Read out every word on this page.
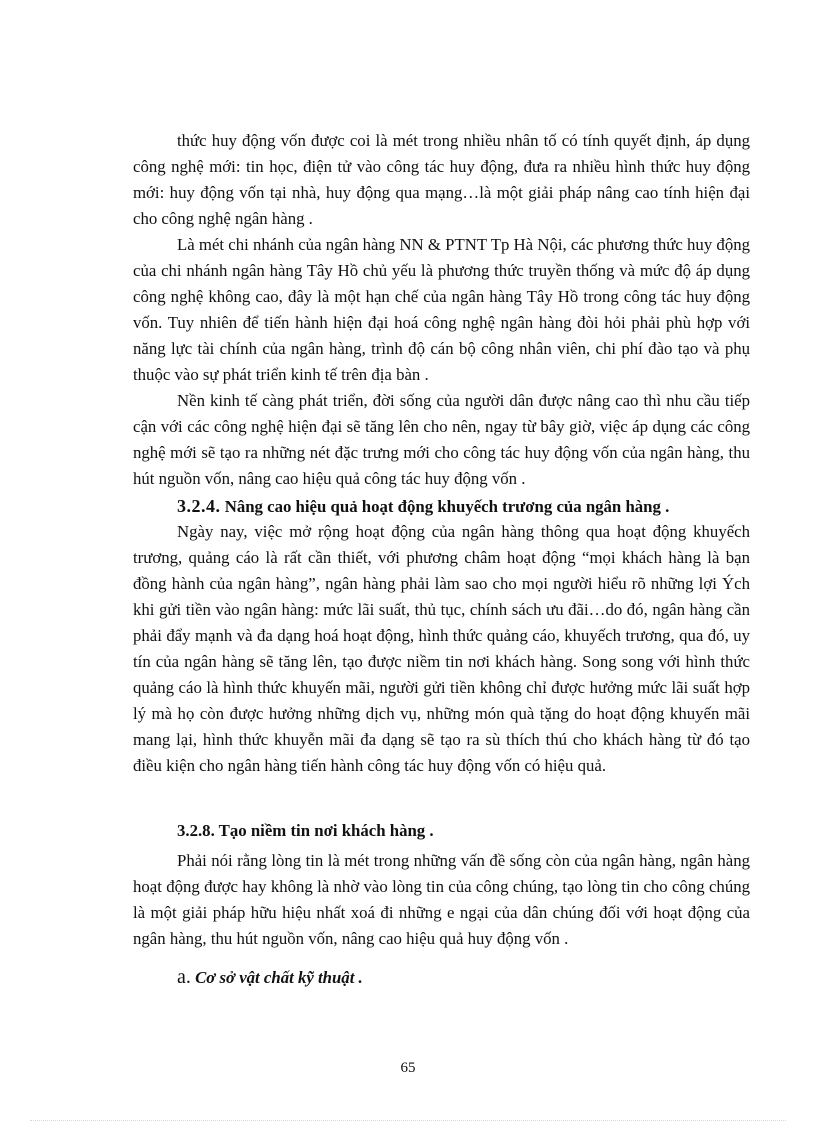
thức huy động vốn được coi là mét trong nhiều nhân tố có tính quyết định, áp dụng công nghệ mới: tin học, điện tử vào công tác huy động, đưa ra nhiều hình thức huy động mới: huy động vốn tại nhà, huy động qua mạng…là một giải pháp nâng cao tính hiện đại cho công nghệ ngân hàng .

Là mét chi nhánh của ngân hàng NN & PTNT Tp Hà Nội, các phương thức huy động của chi nhánh ngân hàng Tây Hồ chủ yếu là phương thức truyền thống và mức độ áp dụng công nghệ không cao, đây là một hạn chế của ngân hàng Tây Hồ trong công tác huy động vốn. Tuy nhiên để tiến hành hiện đại hoá công nghệ ngân hàng đòi hỏi phải phù hợp với năng lực tài chính của ngân hàng, trình độ cán bộ công nhân viên, chi phí đào tạo và phụ thuộc vào sự phát triển kinh tế trên địa bàn .

Nền kinh tế càng phát triển, đời sống của người dân được nâng cao thì nhu cầu tiếp cận với các công nghệ hiện đại sẽ tăng lên cho nên, ngay từ bây giờ, việc áp dụng các công nghệ mới sẽ tạo ra những nét đặc trưng mới cho công tác huy động vốn của ngân hàng, thu hút nguồn vốn, nâng cao hiệu quả công tác huy động vốn .

3.2.4. Nâng cao hiệu quả hoạt động khuyếch trương của ngân hàng .

Ngày nay, việc mở rộng hoạt động của ngân hàng thông qua hoạt động khuyếch trương, quảng cáo là rất cần thiết, với phương châm hoạt động “mọi khách hàng là bạn đồng hành của ngân hàng”, ngân hàng phải làm sao cho mọi người hiểu rõ những lợi Ých khi gửi tiền vào ngân hàng: mức lãi suất, thủ tục, chính sách ưu đãi…do đó, ngân hàng cần phải đẩy mạnh và đa dạng hoá hoạt động, hình thức quảng cáo, khuyếch trương, qua đó, uy tín của ngân hàng sẽ tăng lên, tạo được niềm tin nơi khách hàng. Song song với hình thức quảng cáo là hình thức khuyến mãi, người gửi tiền không chỉ được hưởng mức lãi suất hợp lý mà họ còn được hưởng những dịch vụ, những món quà tặng do hoạt động khuyến mãi mang lại, hình thức khuyễn mãi đa dạng sẽ tạo ra sù thích thú cho khách hàng từ đó tạo điều kiện cho ngân hàng tiến hành công tác huy động vốn có hiệu quả.

3.2.8. Tạo niềm tin nơi khách hàng .

Phải nói rằng lòng tin là mét trong những vấn đề sống còn của ngân hàng, ngân hàng hoạt động được hay không là nhờ vào lòng tin của công chúng, tạo lòng tin cho công chúng là một giải pháp hữu hiệu nhất xoá đi những e ngại của dân chúng đối với hoạt động của ngân hàng, thu hút nguồn vốn, nâng cao hiệu quả huy động vốn .

a. Cơ sở vật chất kỹ thuật .
65
